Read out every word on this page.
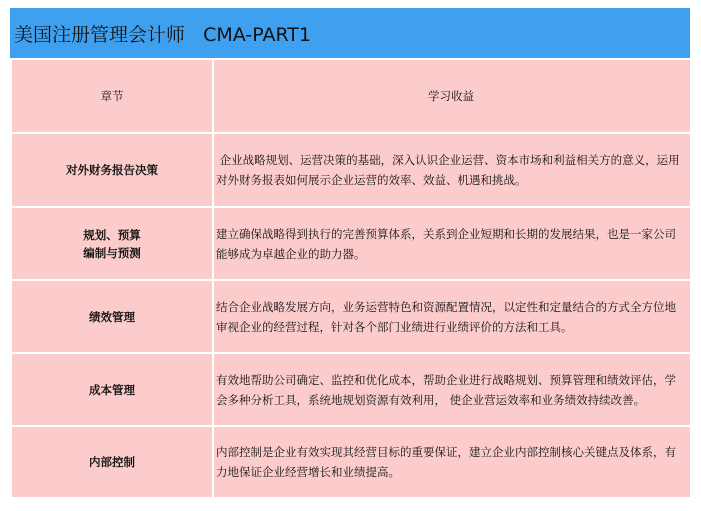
美国注册管理会计师   CMA-PART1
章节	学习收益

对外财务报告决策	企业战略规划、运营决策的基础，深入认识企业运营、资本市场和利益相关方的意义，运用对外财务报表如何展示企业运营的效率、效益、机遇和挑战。

规划、预算
编制与预测	建立确保战略得到执行的完善预算体系，关系到企业短期和长期的发展结果，也是一家公司能够成为卓越企业的助力器。

绩效管理	结合企业战略发展方向，业务运营特色和资源配置情况，以定性和定量结合的方式全方位地审视企业的经营过程，针对各个部门业绩进行业绩评价的方法和工具。

成本管理	有效地帮助公司确定、监控和优化成本，帮助企业进行战略规划、预算管理和绩效评估，学会多种分析工具，系统地规划资源有效利用， 使企业营运效率和业务绩效持续改善。

内部控制	内部控制是企业有效实现其经营目标的重要保证，建立企业内部控制核心关键点及体系，有力地保证企业经营增长和业绩提高。
